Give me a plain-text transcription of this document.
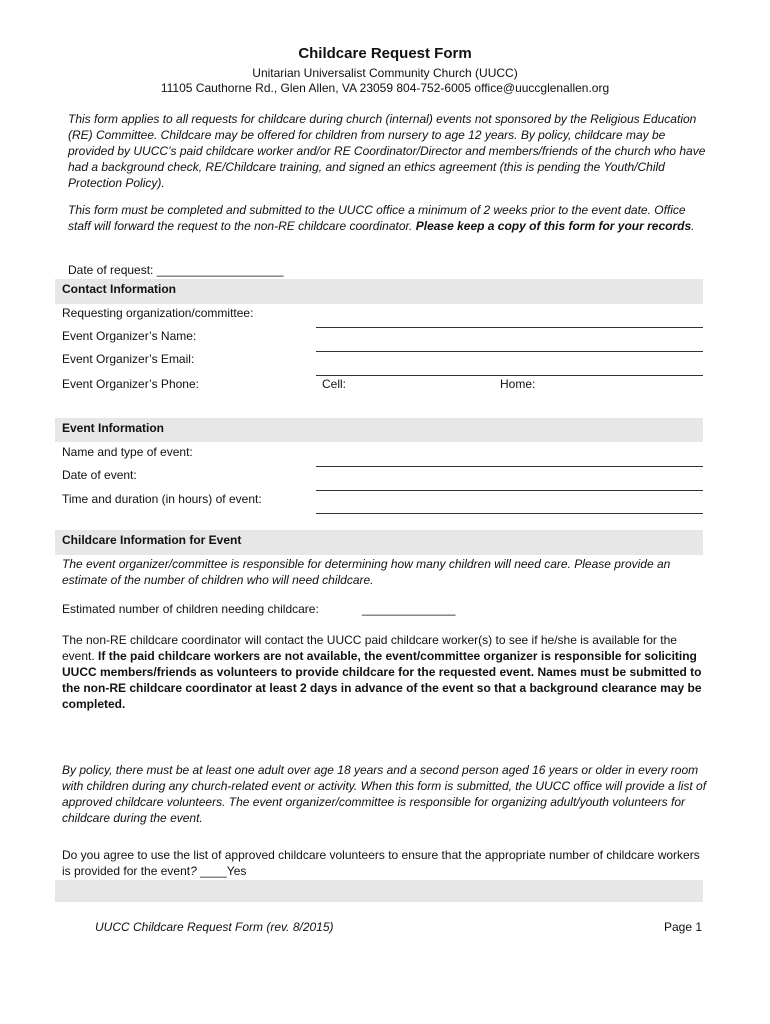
Childcare Request Form
Unitarian Universalist Community Church (UUCC)
11105 Cauthorne Rd., Glen Allen, VA 23059 804-752-6005 office@uuccglenallen.org
This form applies to all requests for childcare during church (internal) events not sponsored by the Religious Education (RE) Committee. Childcare may be offered for children from nursery to age 12 years. By policy, childcare may be provided by UUCC’s paid childcare worker and/or RE Coordinator/Director and members/friends of the church who have had a background check, RE/Childcare training, and signed an ethics agreement (this is pending the Youth/Child Protection Policy).
This form must be completed and submitted to the UUCC office a minimum of 2 weeks prior to the event date. Office staff will forward the request to the non-RE childcare coordinator. Please keep a copy of this form for your records.
Date of request: ___________________
Contact Information
Requesting organization/committee:
Event Organizer’s Name:
Event Organizer’s Email:
Event Organizer’s Phone:	Cell:	Home:
Event Information
Name and type of event:
Date of event:
Time and duration (in hours) of event:
Childcare Information for Event
The event organizer/committee is responsible for determining how many children will need care. Please provide an estimate of the number of children who will need childcare.
Estimated number of children needing childcare:	______________
The non-RE childcare coordinator will contact the UUCC paid childcare worker(s) to see if he/she is available for the event. If the paid childcare workers are not available, the event/committee organizer is responsible for soliciting UUCC members/friends as volunteers to provide childcare for the requested event. Names must be submitted to the non-RE childcare coordinator at least 2 days in advance of the event so that a background clearance may be completed.
By policy, there must be at least one adult over age 18 years and a second person aged 16 years or older in every room with children during any church-related event or activity. When this form is submitted, the UUCC office will provide a list of approved childcare volunteers. The event organizer/committee is responsible for organizing adult/youth volunteers for childcare during the event.
Do you agree to use the list of approved childcare volunteers to ensure that the appropriate number of childcare workers is provided for the event? ____Yes
UUCC Childcare Request Form (rev. 8/2015)	Page 1
